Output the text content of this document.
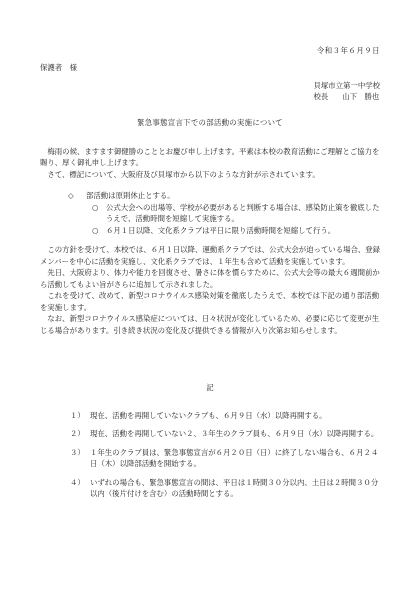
令和３年６月９日
保護者　様
貝塚市立第一中学校
校長 山下　勝也
緊急事態宣言下での部活動の実施について

梅雨の候、ますます御健勝のこととお慶び申し上げます。平素は本校の教育活動にご理解とご協力を賜り、厚く御礼申し上げます。

さて、標記について、大阪府及び貝塚市から以下のような方針が示されています。

◇	部活動は原則休止とする。
○	公式大会への出場等、学校が必要があると判断する場合は、感染防止策を徹底したうえで、活動時間を短縮して実施する。
○	６月１日以降、文化系クラブは平日に限り活動時間を短縮して行う。

この方針を受けて、本校では、６月１日以降、運動系クラブでは、公式大会が迫っている場合、登録メンバーを中心に活動を実施し、文化系クラブでは、１年生も含めて活動を実施しています。

先日、大阪府より、体力や能力を回復させ、暑さに体を慣らすために、公式大会等の最大６週間前から活動してもよい旨がさらに追加して示されました。

これを受けて、改めて、新型コロナウイルス感染対策を徹底したうえで、本校では下記の通り部活動を実施します。

なお、新型コロナウイルス感染症については、日々状況が変化しているため、必要に応じて変更が生じる場合があります。引き続き状況の変化及び提供できる情報が入り次第お知らせします。

記
１） 現在、活動を再開していないクラブも、６月９日（水）以降再開する。
２） 現在、活動を再開していない２、３年生のクラブ員も、６月９日（水）以降再開する。
３） １年生のクラブ員は、緊急事態宣言が６月２０日（日）に終了しない場合も、６月２４日（木）以降部活動を開始する。
４） いずれの場合も、緊急事態宣言の間は、平日は１時間３０分以内、土日は２時間３０分以内（後片付けを含む）の活動時間とする。
